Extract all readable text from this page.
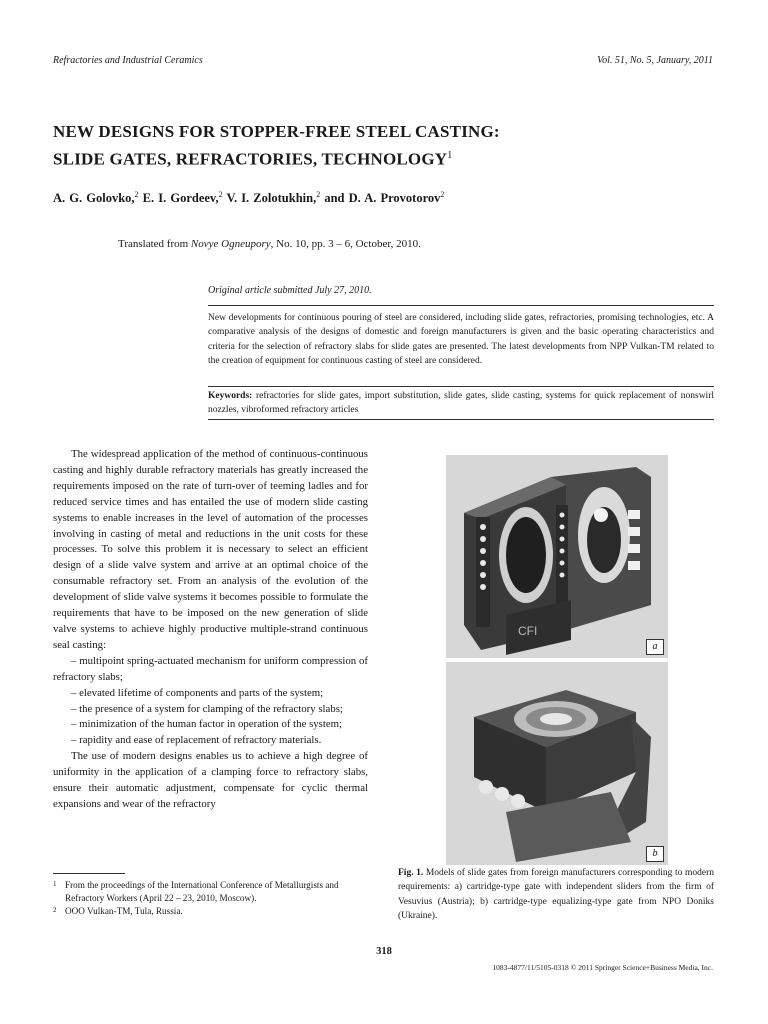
Refractories and Industrial Ceramics	Vol. 51, No. 5, January, 2011
NEW DESIGNS FOR STOPPER-FREE STEEL CASTING:
SLIDE GATES, REFRACTORIES, TECHNOLOGY$^1$
A. G. Golovko,$^2$ E. I. Gordeev,$^2$ V. I. Zolotukhin,$^2$ and D. A. Provotorov$^2$
Translated from Novye Ogneupory, No. 10, pp. 3 – 6, October, 2010.
Original article submitted July 27, 2010.
New developments for continuous pouring of steel are considered, including slide gates, refractories, promising technologies, etc. A comparative analysis of the designs of domestic and foreign manufacturers is given and the basic operating characteristics and criteria for the selection of refractory slabs for slide gates are presented. The latest developments from NPP Vulkan-TM related to the creation of equipment for continuous casting of steel are considered.
Keywords: refractories for slide gates, import substitution, slide gates, slide casting, systems for quick replacement of nonswirl nozzles, vibroformed refractory articles

The widespread application of the method of continuous-continuous casting and highly durable refractory materials has greatly increased the requirements imposed on the rate of turn-over of teeming ladles and for reduced service times and has entailed the use of modern slide casting systems to enable increases in the level of automation of the processes involving in casting of metal and reductions in the unit costs for these processes. To solve this problem it is necessary to select an efficient design of a slide valve system and arrive at an optimal choice of the consumable refractory set. From an analysis of the evolution of the development of slide valve systems it becomes possible to formulate the requirements that have to be imposed on the new generation of slide valve systems to achieve highly productive multiple-strand continuous seal casting:

– multipoint spring-actuated mechanism for uniform compression of refractory slabs;

– elevated lifetime of components and parts of the system;

– the presence of a system for clamping of the refractory slabs;

– minimization of the human factor in operation of the system;

– rapidity and ease of replacement of refractory materials.

The use of modern designs enables us to achieve a high degree of uniformity in the application of a clamping force to refractory slabs, ensure their automatic adjustment, compensate for cyclic thermal expansions and wear of the refractory

1 From the proceedings of the International Conference of Metallurgists and Refractory Workers (April 22 – 23, 2010, Moscow).
2 OOO Vulkan-TM, Tula, Russia.
CFI
a
b
Fig. 1. Models of slide gates from foreign manufacturers corresponding to modern requirements: a) cartridge-type gate with independent sliders from the firm of Vesuvius (Austria); b) cartridge-type equalizing-type gate from NPO Doniks (Ukraine).
318
1083-4877/11/5105-0318 © 2011 Springer Science+Business Media, Inc.
